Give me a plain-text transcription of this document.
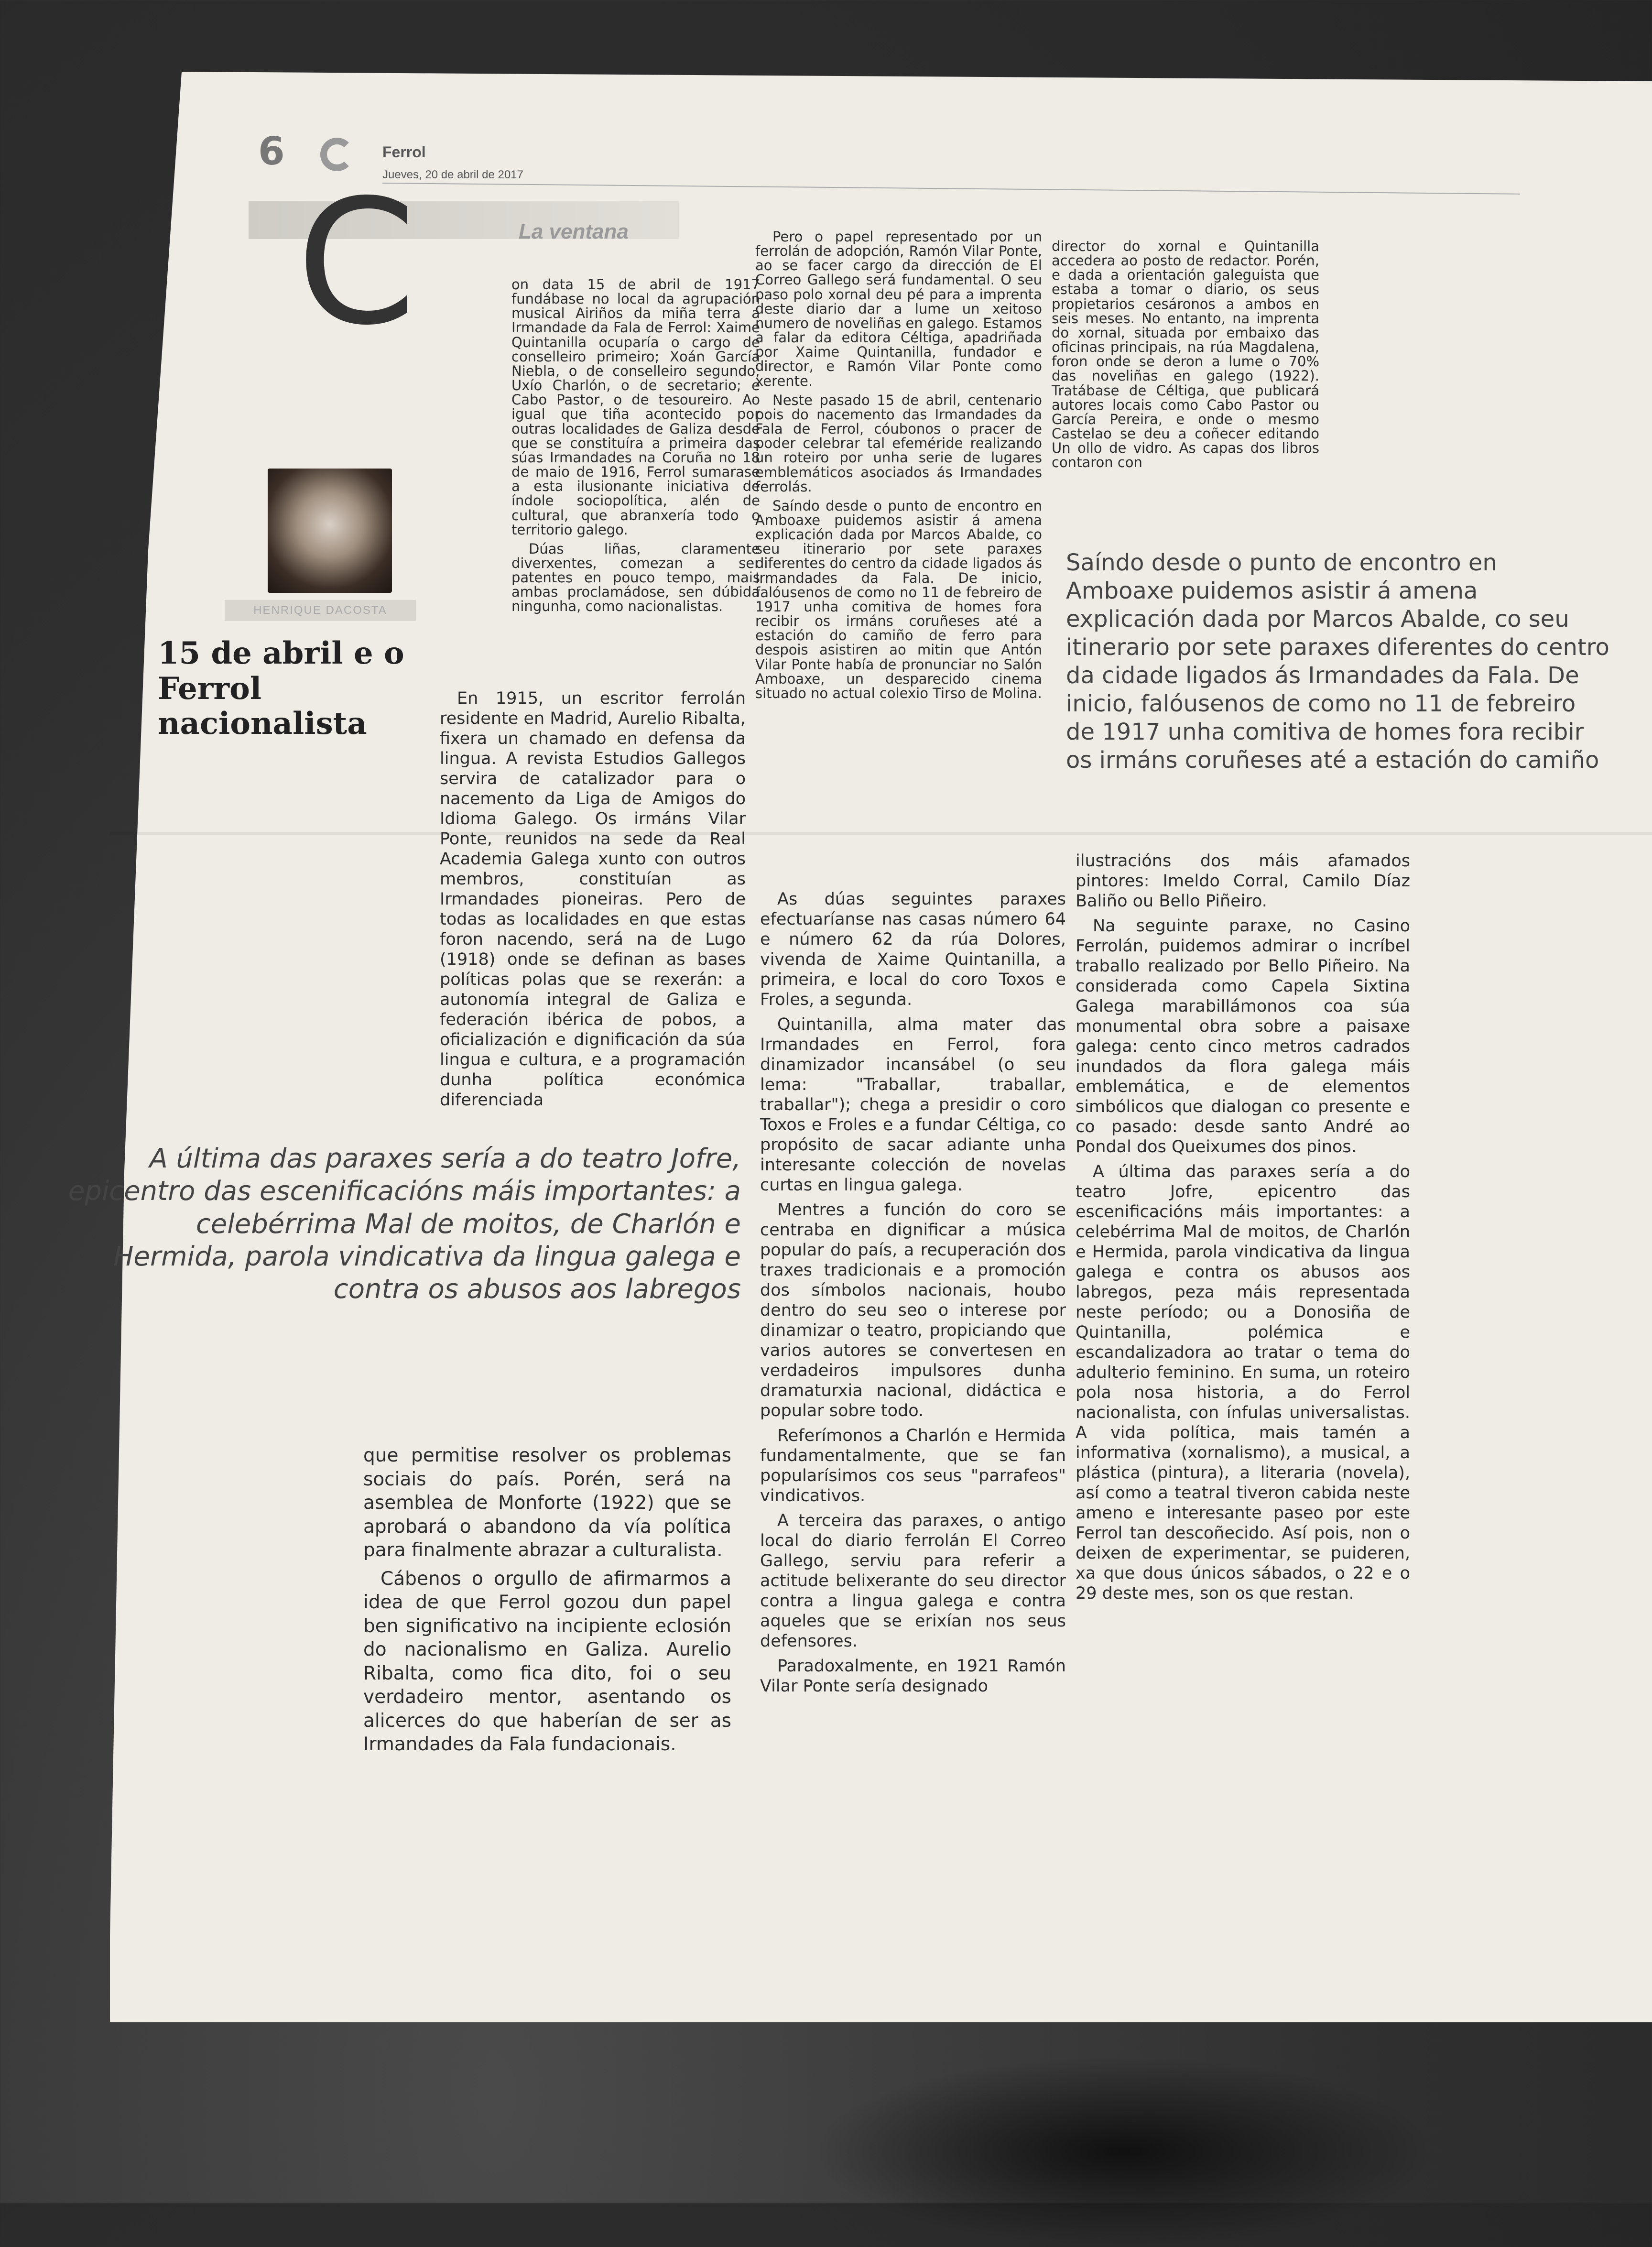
6	Ferrol
Jueves, 20 de abril de 2017
La ventana
C
HENRIQUE DACOSTA
15 de abril e o Ferrol nacionalista

on data 15 de abril de 1917 fundábase no local da agrupación musical Airiños da miña terra a Irmandade da Fala de Ferrol: Xaime Quintanilla ocuparía o cargo de conselleiro primeiro; Xoán García Niebla, o de conselleiro segundo; Uxío Charlón, o de secretario; e Cabo Pastor, o de tesoureiro. Ao igual que tiña acontecido por outras localidades de Galiza desde que se constituíra a primeira das súas Irmandades na Coruña no 18 de maio de 1916, Ferrol sumarase a esta ilusionante iniciativa de índole sociopolítica, alén de cultural, que abranxería todo o territorio galego.

Dúas liñas, claramente diverxentes, comezan a ser patentes en pouco tempo, mais ambas proclamádose, sen dúbida ningunha, como nacionalistas.

En 1915, un escritor ferrolán residente en Madrid, Aurelio Ribalta, fixera un chamado en defensa da lingua. A revista Estudios Gallegos servira de catalizador para o nacemento da Liga de Amigos do Idioma Galego. Os irmáns Vilar Ponte, reunidos na sede da Real Academia Galega xunto con outros membros, constituían as Irmandades pioneiras. Pero de todas as localidades en que estas foron nacendo, será na de Lugo (1918) onde se definan as bases políticas polas que se rexerán: a autonomía integral de Galiza e federación ibérica de pobos, a oficialización e dignificación da súa lingua e cultura, e a programación dunha política económica diferenciada

que permitise resolver os problemas sociais do país. Porén, será na asemblea de Monforte (1922) que se aprobará o abandono da vía política para finalmente abrazar a culturalista.

Cábenos o orgullo de afirmarmos a idea de que Ferrol gozou dun papel ben significativo na incipiente eclosión do nacionalismo en Galiza. Aurelio Ribalta, como fica dito, foi o seu verdadeiro mentor, asentando os alicerces do que haberían de ser as Irmandades da Fala fundacionais.

Pero o papel representado por un ferrolán de adopción, Ramón Vilar Ponte, ao se facer cargo da dirección de El Correo Gallego será fundamental. O seu paso polo xornal deu pé para a imprenta deste diario dar a lume un xeitoso numero de noveliñas en galego. Estamos a falar da editora Céltiga, apadriñada por Xaime Quintanilla, fundador e director, e Ramón Vilar Ponte como xerente.

Neste pasado 15 de abril, centenario pois do nacemento das Irmandades da Fala de Ferrol, cóubonos o pracer de poder celebrar tal efeméride realizando un roteiro por unha serie de lugares emblemáticos asociados ás Irmandades ferrolás.

Saíndo desde o punto de encontro en Amboaxe puidemos asistir á amena explicación dada por Marcos Abalde, co seu itinerario por sete paraxes diferentes do centro da cidade ligados ás Irmandades da Fala. De inicio, falóusenos de como no 11 de febreiro de 1917 unha comitiva de homes fora recibir os irmáns coruñeses até a estación do camiño de ferro para despois asistiren ao mitin que Antón Vilar Ponte había de pronunciar no Salón Amboaxe, un desparecido cinema situado no actual colexio Tirso de Molina.

As dúas seguintes paraxes efectuaríanse nas casas número 64 e número 62 da rúa Dolores, vivenda de Xaime Quintanilla, a primeira, e local do coro Toxos e Froles, a segunda.

Quintanilla, alma mater das Irmandades en Ferrol, fora dinamizador incansábel (o seu lema: "Traballar, traballar, traballar"); chega a presidir o coro Toxos e Froles e a fundar Céltiga, co propósito de sacar adiante unha interesante colección de novelas curtas en lingua galega.

Mentres a función do coro se centraba en dignificar a música popular do país, a recuperación dos traxes tradicionais e a promoción dos símbolos nacionais, houbo dentro do seu seo o interese por dinamizar o teatro, propiciando que varios autores se convertesen en verdadeiros impulsores dunha dramaturxia nacional, didáctica e popular sobre todo.

Referímonos a Charlón e Hermida fundamentalmente, que se fan popularísimos cos seus "parrafeos" vindicativos.

A terceira das paraxes, o antigo local do diario ferrolán El Correo Gallego, serviu para referir a actitude belixerante do seu director contra a lingua galega e contra aqueles que se erixían nos seus defensores.

Paradoxalmente, en 1921 Ramón Vilar Ponte sería designado

director do xornal e Quintanilla accedera ao posto de redactor. Porén, e dada a orientación galeguista que estaba a tomar o diario, os seus propietarios cesáronos a ambos en seis meses. No entanto, na imprenta do xornal, situada por embaixo das oficinas principais, na rúa Magdalena, foron onde se deron a lume o 70% das noveliñas en galego (1922). Tratábase de Céltiga, que publicará autores locais como Cabo Pastor ou García Pereira, e onde o mesmo Castelao se deu a coñecer editando Un ollo de vidro. As capas dos libros contaron con

Saíndo desde o punto de encontro en Amboaxe puidemos asistir á amena explicación dada por Marcos Abalde, co seu itinerario por sete paraxes diferentes do centro da cidade ligados ás Irmandades da Fala. De inicio, falóusenos de como no 11 de febreiro de 1917 unha comitiva de homes fora recibir os irmáns coruñeses até a estación do camiño

ilustracións dos máis afamados pintores: Imeldo Corral, Camilo Díaz Baliño ou Bello Piñeiro.

Na seguinte paraxe, no Casino Ferrolán, puidemos admirar o incríbel traballo realizado por Bello Piñeiro. Na considerada como Capela Sixtina Galega marabillámonos coa súa monumental obra sobre a paisaxe galega: cento cinco metros cadrados inundados da flora galega máis emblemática, e de elementos simbólicos que dialogan co presente e co pasado: desde santo André ao Pondal dos Queixumes dos pinos.

A última das paraxes sería a do teatro Jofre, epicentro das escenificacións máis importantes: a celebérrima Mal de moitos, de Charlón e Hermida, parola vindicativa da lingua galega e contra os abusos aos labregos, peza máis representada neste período; ou a Donosiña de Quintanilla, polémica e escandalizadora ao tratar o tema do adulterio feminino. En suma, un roteiro pola nosa historia, a do Ferrol nacionalista, con ínfulas universalistas. A vida política, mais tamén a informativa (xornalismo), a musical, a plástica (pintura), a literaria (novela), así como a teatral tiveron cabida neste ameno e interesante paseo por este Ferrol tan descoñecido. Así pois, non o deixen de experimentar, se puideren, xa que dous únicos sábados, o 22 e o 29 deste mes, son os que restan.

A última das paraxes sería a do teatro Jofre, epicentro das escenificacións máis importantes: a celebérrima Mal de moitos, de Charlón e Hermida, parola vindicativa da lingua galega e contra os abusos aos labregos
